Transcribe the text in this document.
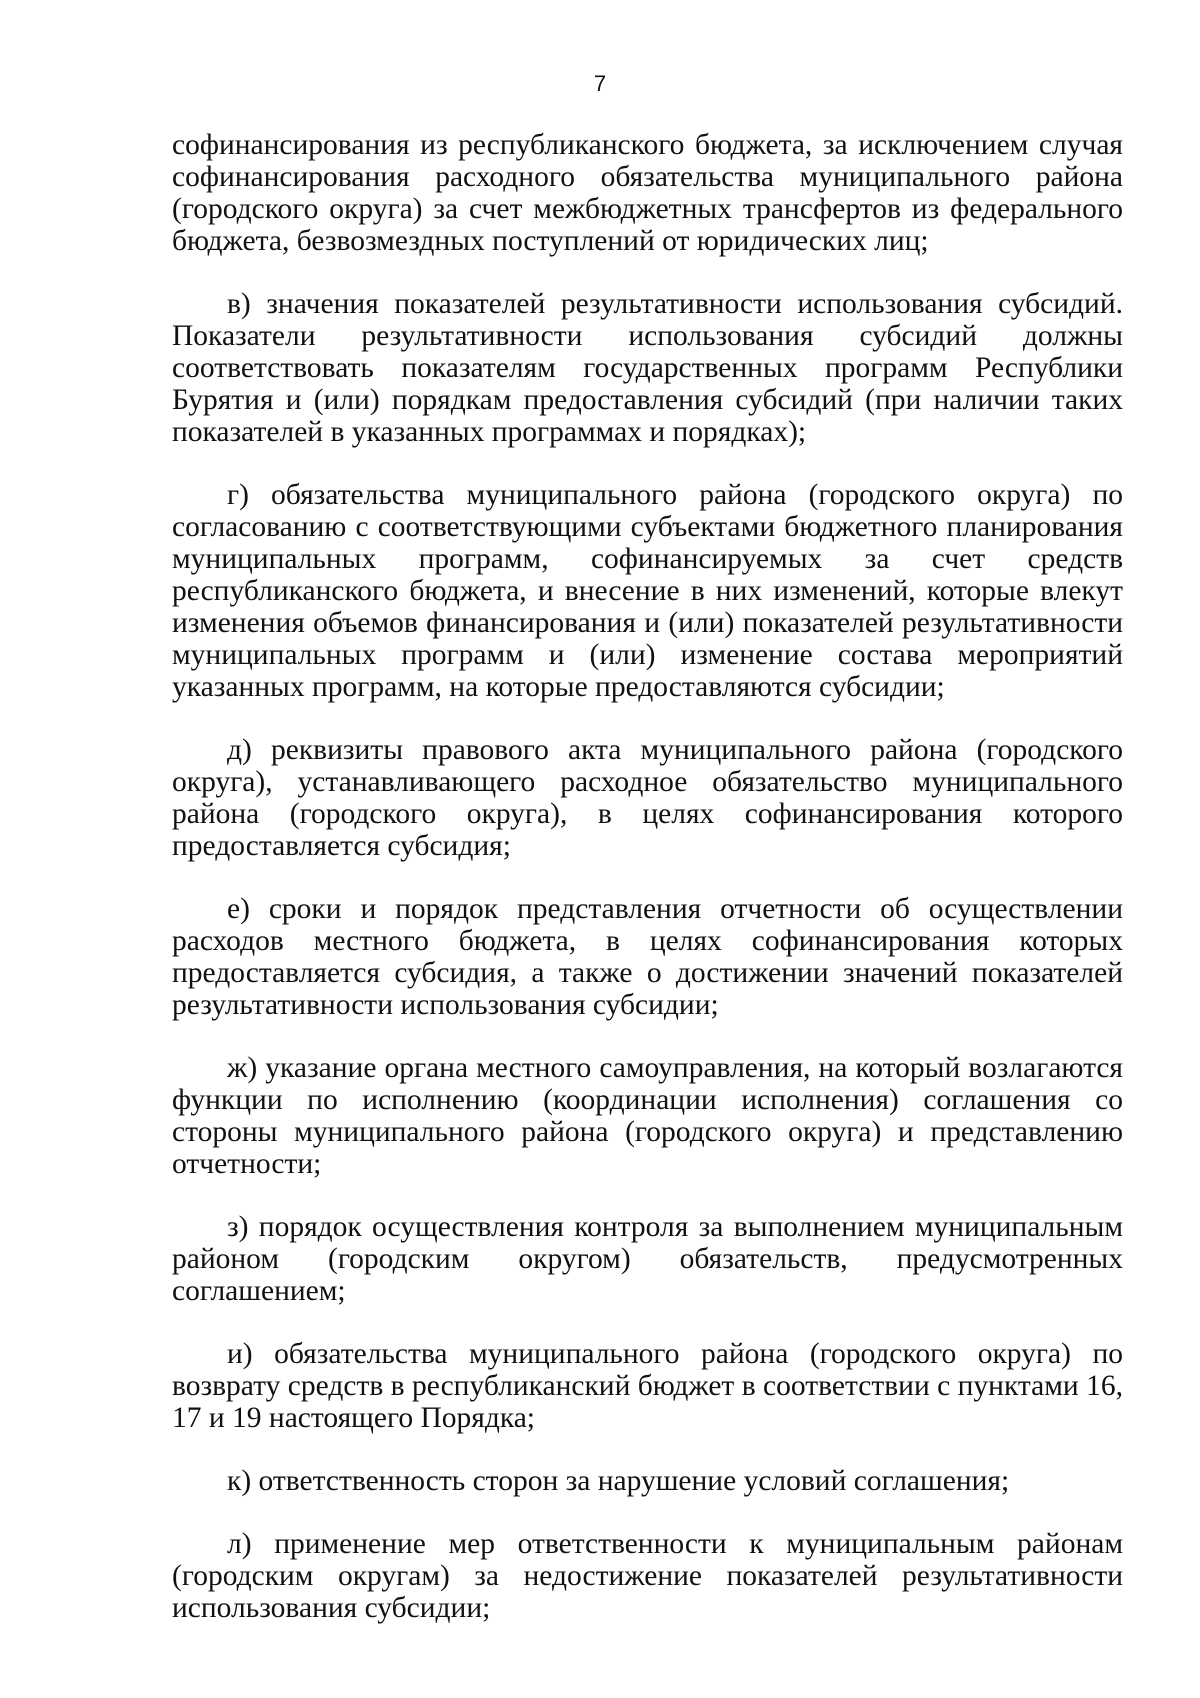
7

софинансирования из республиканского бюджета, за исключением случая софинансирования расходного обязательства муниципального района (городского округа) за счет межбюджетных трансфертов из федерального бюджета, безвозмездных поступлений от юридических лиц;

в) значения показателей результативности использования субсидий. Показатели результативности использования субсидий должны соответствовать показателям государственных программ Республики Бурятия и (или) порядкам предоставления субсидий (при наличии таких показателей в указанных программах и порядках);

г) обязательства муниципального района (городского округа) по согласованию с соответствующими субъектами бюджетного планирования муниципальных программ, софинансируемых за счет средств республиканского бюджета, и внесение в них изменений, которые влекут изменения объемов финансирования и (или) показателей результативности муниципальных программ и (или) изменение состава мероприятий указанных программ, на которые предоставляются субсидии;

д) реквизиты правового акта муниципального района (городского округа), устанавливающего расходное обязательство муниципального района (городского округа), в целях софинансирования которого предоставляется субсидия;

е) сроки и порядок представления отчетности об осуществлении расходов местного бюджета, в целях софинансирования которых предоставляется субсидия, а также о достижении значений показателей результативности использования субсидии;

ж) указание органа местного самоуправления, на который возлагаются функции по исполнению (координации исполнения) соглашения со стороны муниципального района (городского округа) и представлению отчетности;

з) порядок осуществления контроля за выполнением муниципальным районом (городским округом) обязательств, предусмотренных соглашением;

и) обязательства муниципального района (городского округа) по возврату средств в республиканский бюджет в соответствии с пунктами 16, 17 и 19 настоящего Порядка;

к) ответственность сторон за нарушение условий соглашения;

л) применение мер ответственности к муниципальным районам (городским округам) за недостижение показателей результативности использования субсидии;
